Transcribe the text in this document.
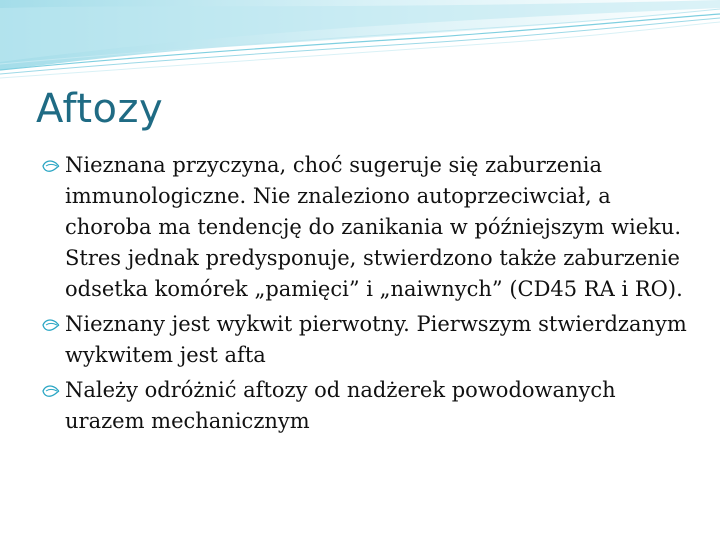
Aftozy
Nieznana przyczyna, choć sugeruje się zaburzenia immunologiczne. Nie znaleziono autoprzeciwciał, a choroba ma tendencję do zanikania w późniejszym wieku. Stres jednak predysponuje, stwierdzono także zaburzenie odsetka komórek „pamięci” i „naiwnych” (CD45 RA i RO).
Nieznany jest wykwit pierwotny. Pierwszym stwierdzanym wykwitem jest afta
Należy odróżnić aftozy od nadżerek powodowanych urazem mechanicznym
